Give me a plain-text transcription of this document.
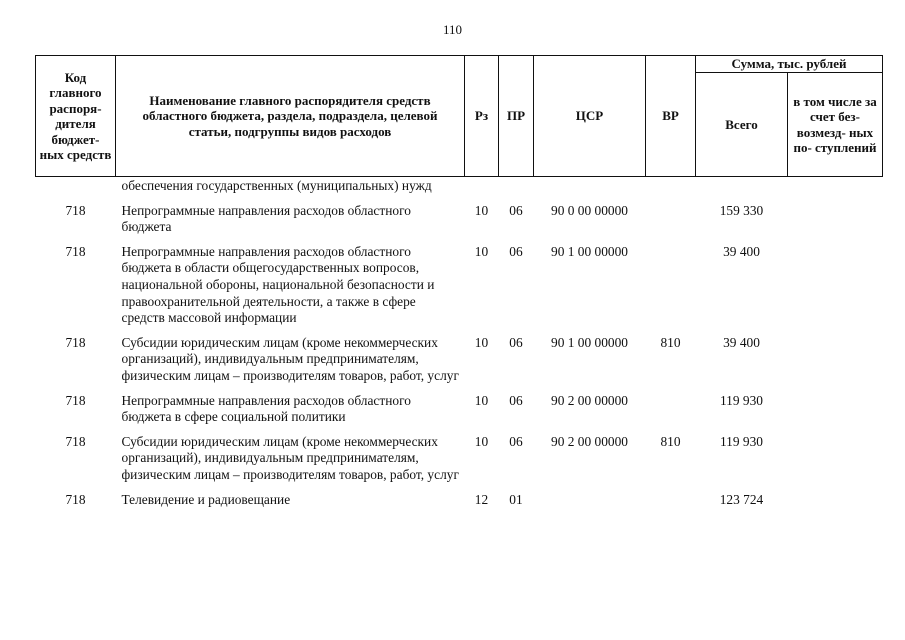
110
Код главного распоря- дителя бюджет- ных средств	Наименование главного распорядителя средств областного бюджета, раздела, подраздела, целевой статьи, подгруппы видов расходов	Рз	ПР	ЦСР	ВР	Сумма, тыс. рублей	
						Всего	в том числе за счет без- возмезд- ных по- ступлений
	обеспечения государственных (муниципальных) нужд						
718	Непрограммные направления расходов областного бюджета	10	06	90 0 00 00000		159 330	
718	Непрограммные направления расходов областного бюджета в области общегосударственных вопросов, национальной обороны, национальной безопасности и правоохранительной деятельности, а также в сфере средств массовой информации	10	06	90 1 00 00000		39 400	
718	Субсидии юридическим лицам (кроме некоммерческих организаций), индивидуальным предпринимателям, физическим лицам – производителям товаров, работ, услуг	10	06	90 1 00 00000	810	39 400	
718	Непрограммные направления расходов областного бюджета в сфере социальной политики	10	06	90 2 00 00000		119 930	
718	Субсидии юридическим лицам (кроме некоммерческих организаций), индивидуальным предпринимателям, физическим лицам – производителям товаров, работ, услуг	10	06	90 2 00 00000	810	119 930	
718	Телевидение и радиовещание	12	01			123 724	
